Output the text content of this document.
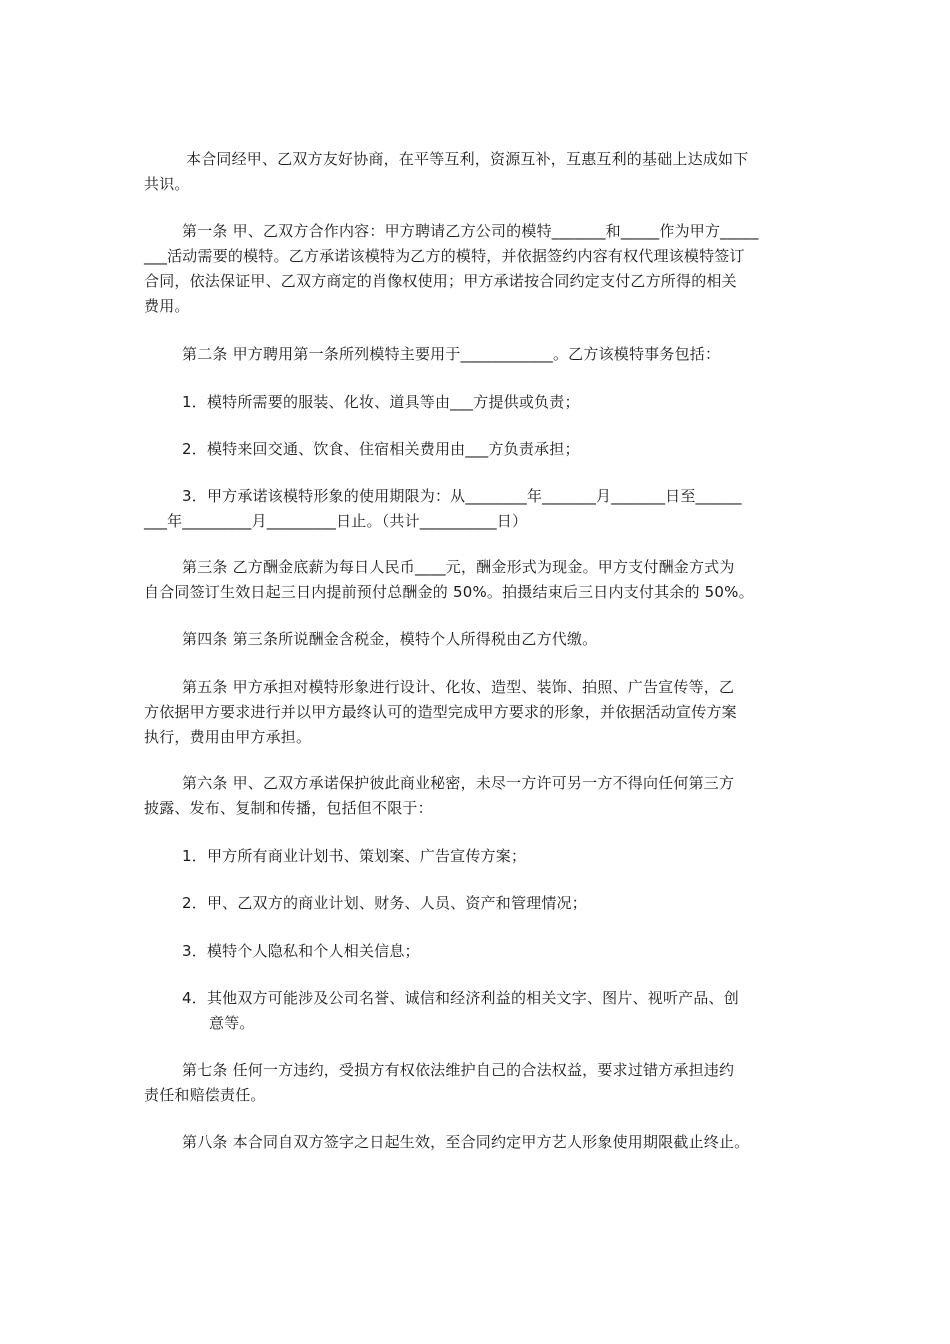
本合同经甲、乙双方友好协商，在平等互利，资源互补，互惠互利的基础上达成如下
共识。
第一条 甲、乙双方合作内容：甲方聘请乙方公司的模特_______和_____作为甲方_____
___活动需要的模特。乙方承诺该模特为乙方的模特，并依据签约内容有权代理该模特签订
合同，依法保证甲、乙双方商定的肖像权使用；甲方承诺按合同约定支付乙方所得的相关
费用。
第二条 甲方聘用第一条所列模特主要用于____________。乙方该模特事务包括：
1．模特所需要的服装、化妆、道具等由___方提供或负责；
2．模特来回交通、饮食、住宿相关费用由___方负责承担；
3．甲方承诺该模特形象的使用期限为：从________年_______月_______日至______
___年_________月_________日止。（共计__________日）
第三条 乙方酬金底薪为每日人民币____元，酬金形式为现金。甲方支付酬金方式为
自合同签订生效日起三日内提前预付总酬金的 50%。拍摄结束后三日内支付其余的 50%。
第四条 第三条所说酬金含税金，模特个人所得税由乙方代缴。
第五条 甲方承担对模特形象进行设计、化妆、造型、装饰、拍照、广告宣传等，乙
方依据甲方要求进行并以甲方最终认可的造型完成甲方要求的形象，并依据活动宣传方案
执行，费用由甲方承担。
第六条 甲、乙双方承诺保护彼此商业秘密，未尽一方许可另一方不得向任何第三方
披露、发布、复制和传播，包括但不限于：
1．甲方所有商业计划书、策划案、广告宣传方案；
2．甲、乙双方的商业计划、财务、人员、资产和管理情况；
3．模特个人隐私和个人相关信息；
4．其他双方可能涉及公司名誉、诚信和经济利益的相关文字、图片、视听产品、创
意等。
第七条 任何一方违约，受损方有权依法维护自己的合法权益，要求过错方承担违约
责任和赔偿责任。
第八条 本合同自双方签字之日起生效，至合同约定甲方艺人形象使用期限截止终止。
